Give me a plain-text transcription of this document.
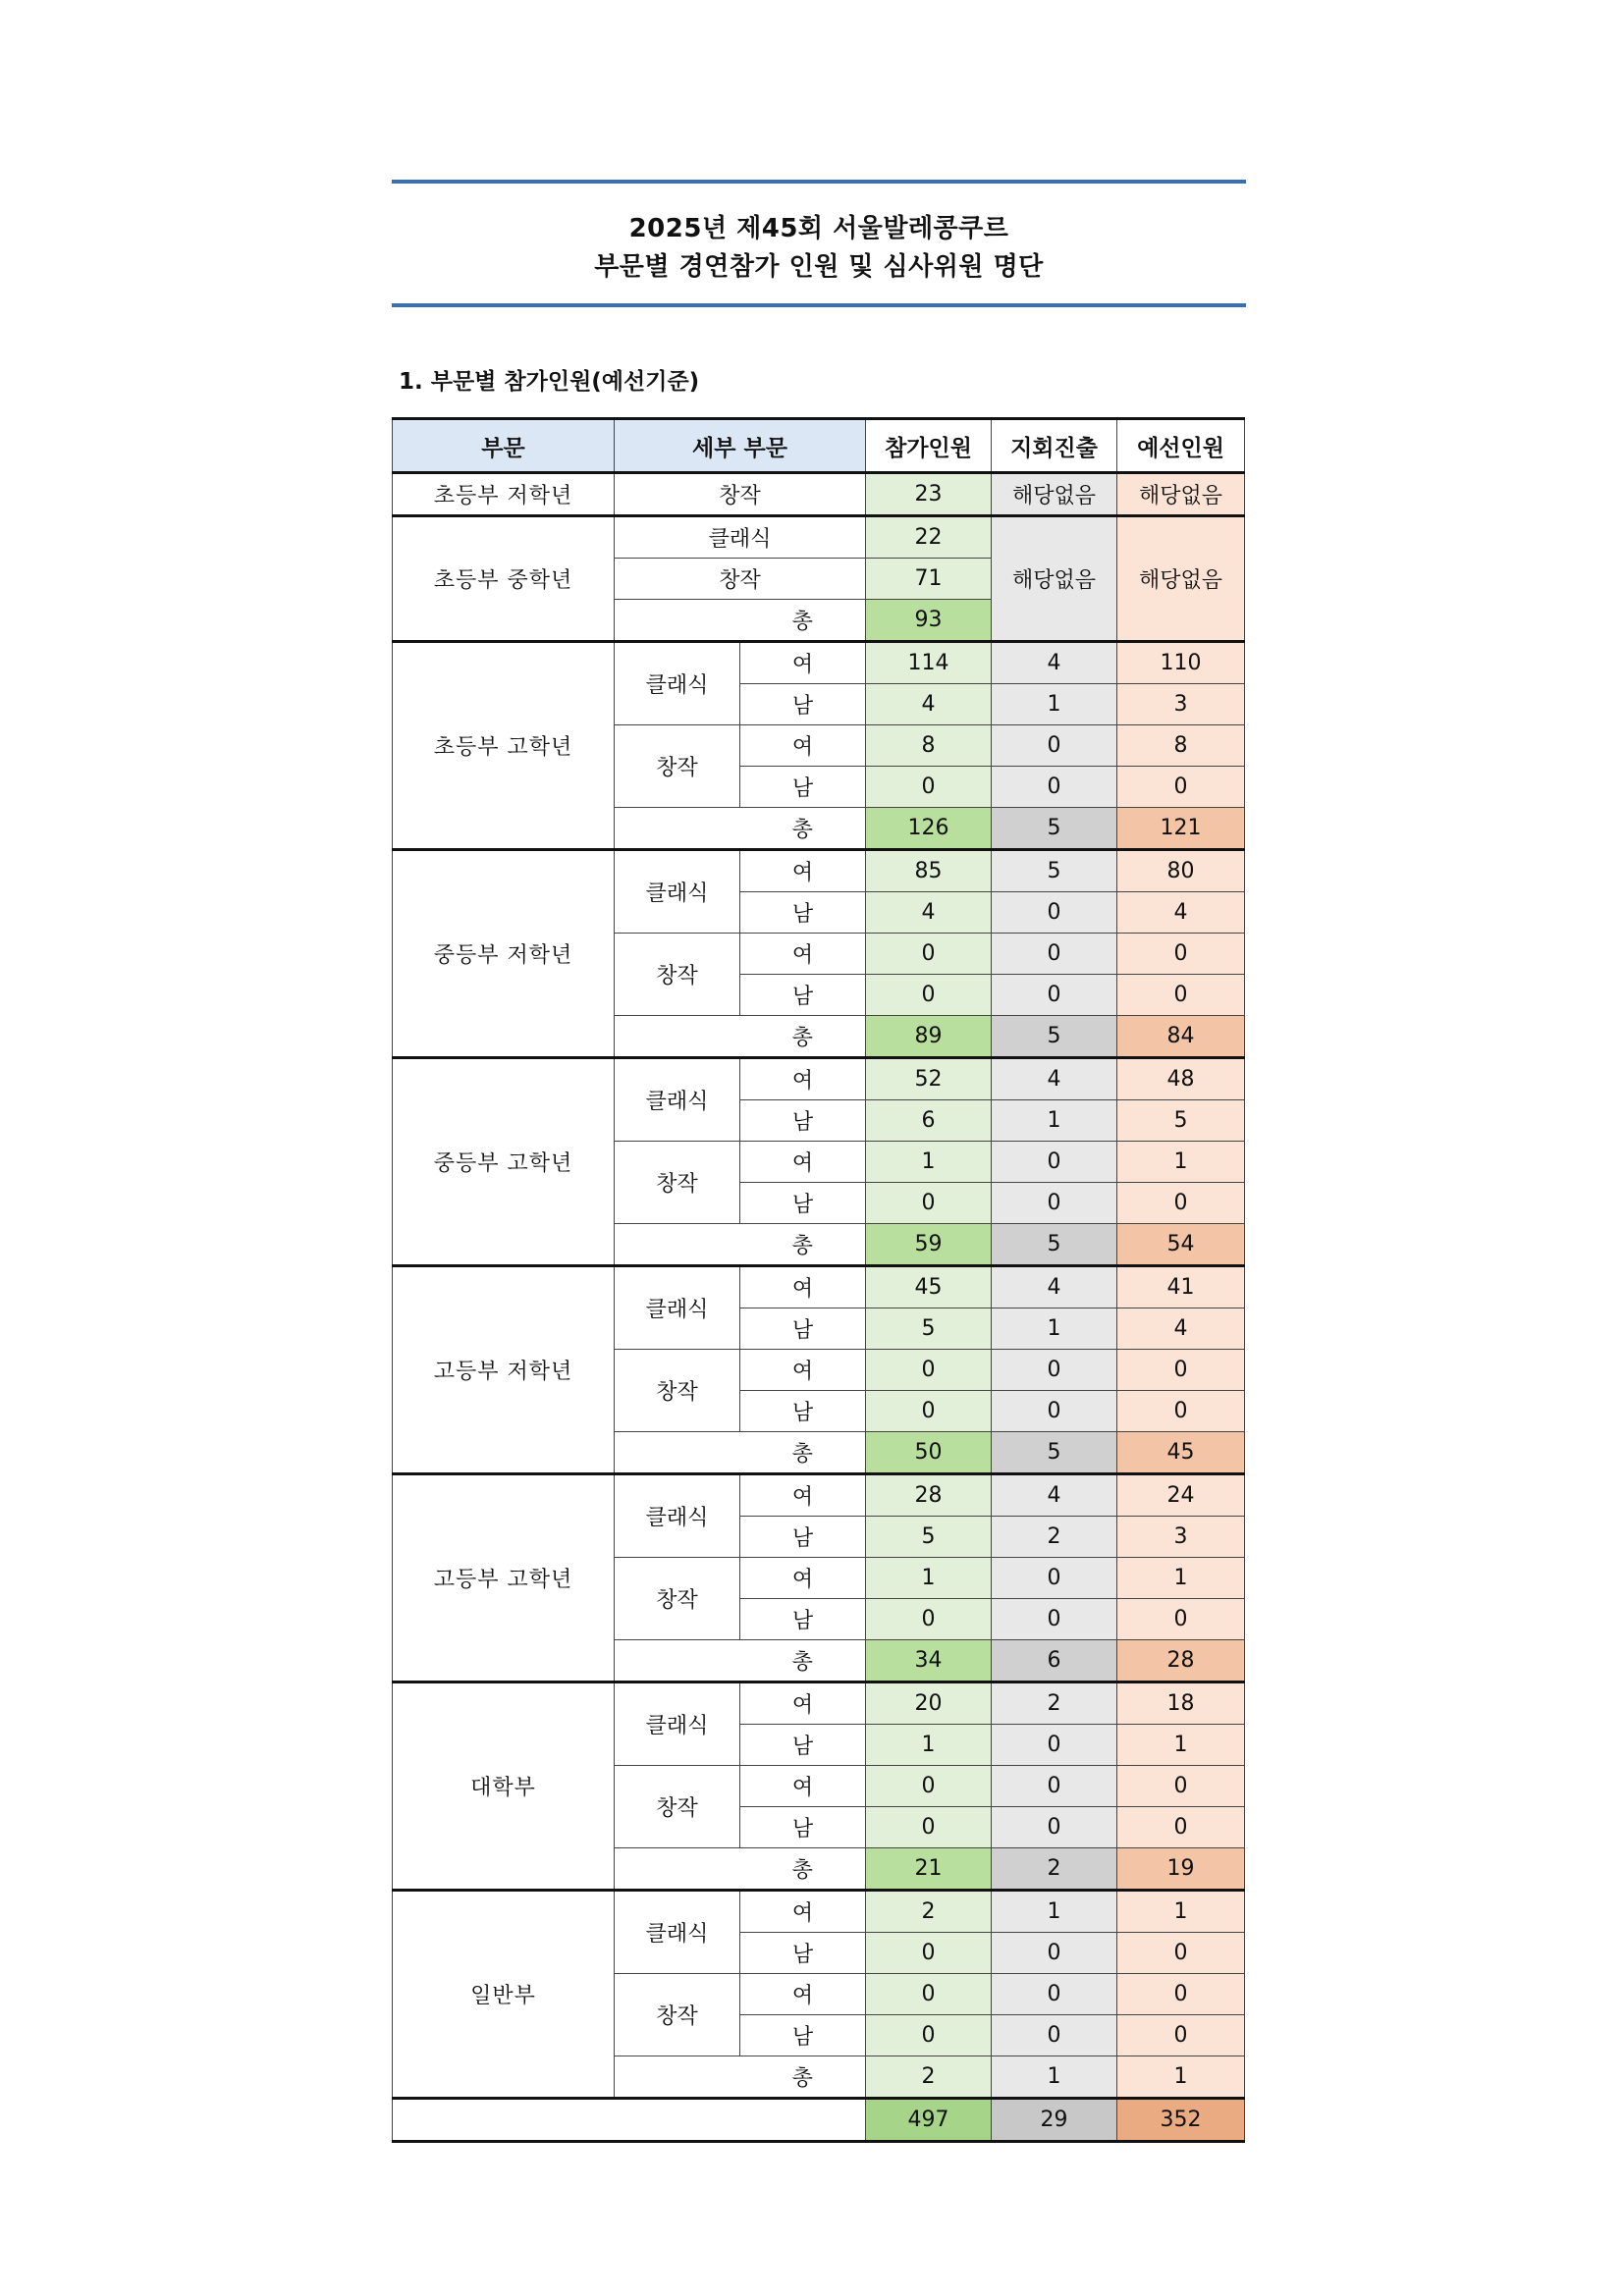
2025년 제45회 서울발레콩쿠르
부문별 경연참가 인원 및 심사위원 명단
1. 부문별 참가인원(예선기준)
부문	세부 부문		참가인원	지회진출	예선인원
초등부 저학년	창작		23	해당없음	해당없음
초등부 중학년	클래식		22	해당없음	해당없음
	창작		71		
		총	93		
초등부 고학년	클래식	여	114	4	110
		남	4	1	3
	창작	여	8	0	8
		남	0	0	0
		총	126	5	121
중등부 저학년	클래식	여	85	5	80
		남	4	0	4
	창작	여	0	0	0
		남	0	0	0
		총	89	5	84
중등부 고학년	클래식	여	52	4	48
		남	6	1	5
	창작	여	1	0	1
		남	0	0	0
		총	59	5	54
고등부 저학년	클래식	여	45	4	41
		남	5	1	4
	창작	여	0	0	0
		남	0	0	0
		총	50	5	45
고등부 고학년	클래식	여	28	4	24
		남	5	2	3
	창작	여	1	0	1
		남	0	0	0
		총	34	6	28
대학부	클래식	여	20	2	18
		남	1	0	1
	창작	여	0	0	0
		남	0	0	0
		총	21	2	19
일반부	클래식	여	2	1	1
		남	0	0	0
	창작	여	0	0	0
		남	0	0	0
		총	2	1	1
			497	29	352
